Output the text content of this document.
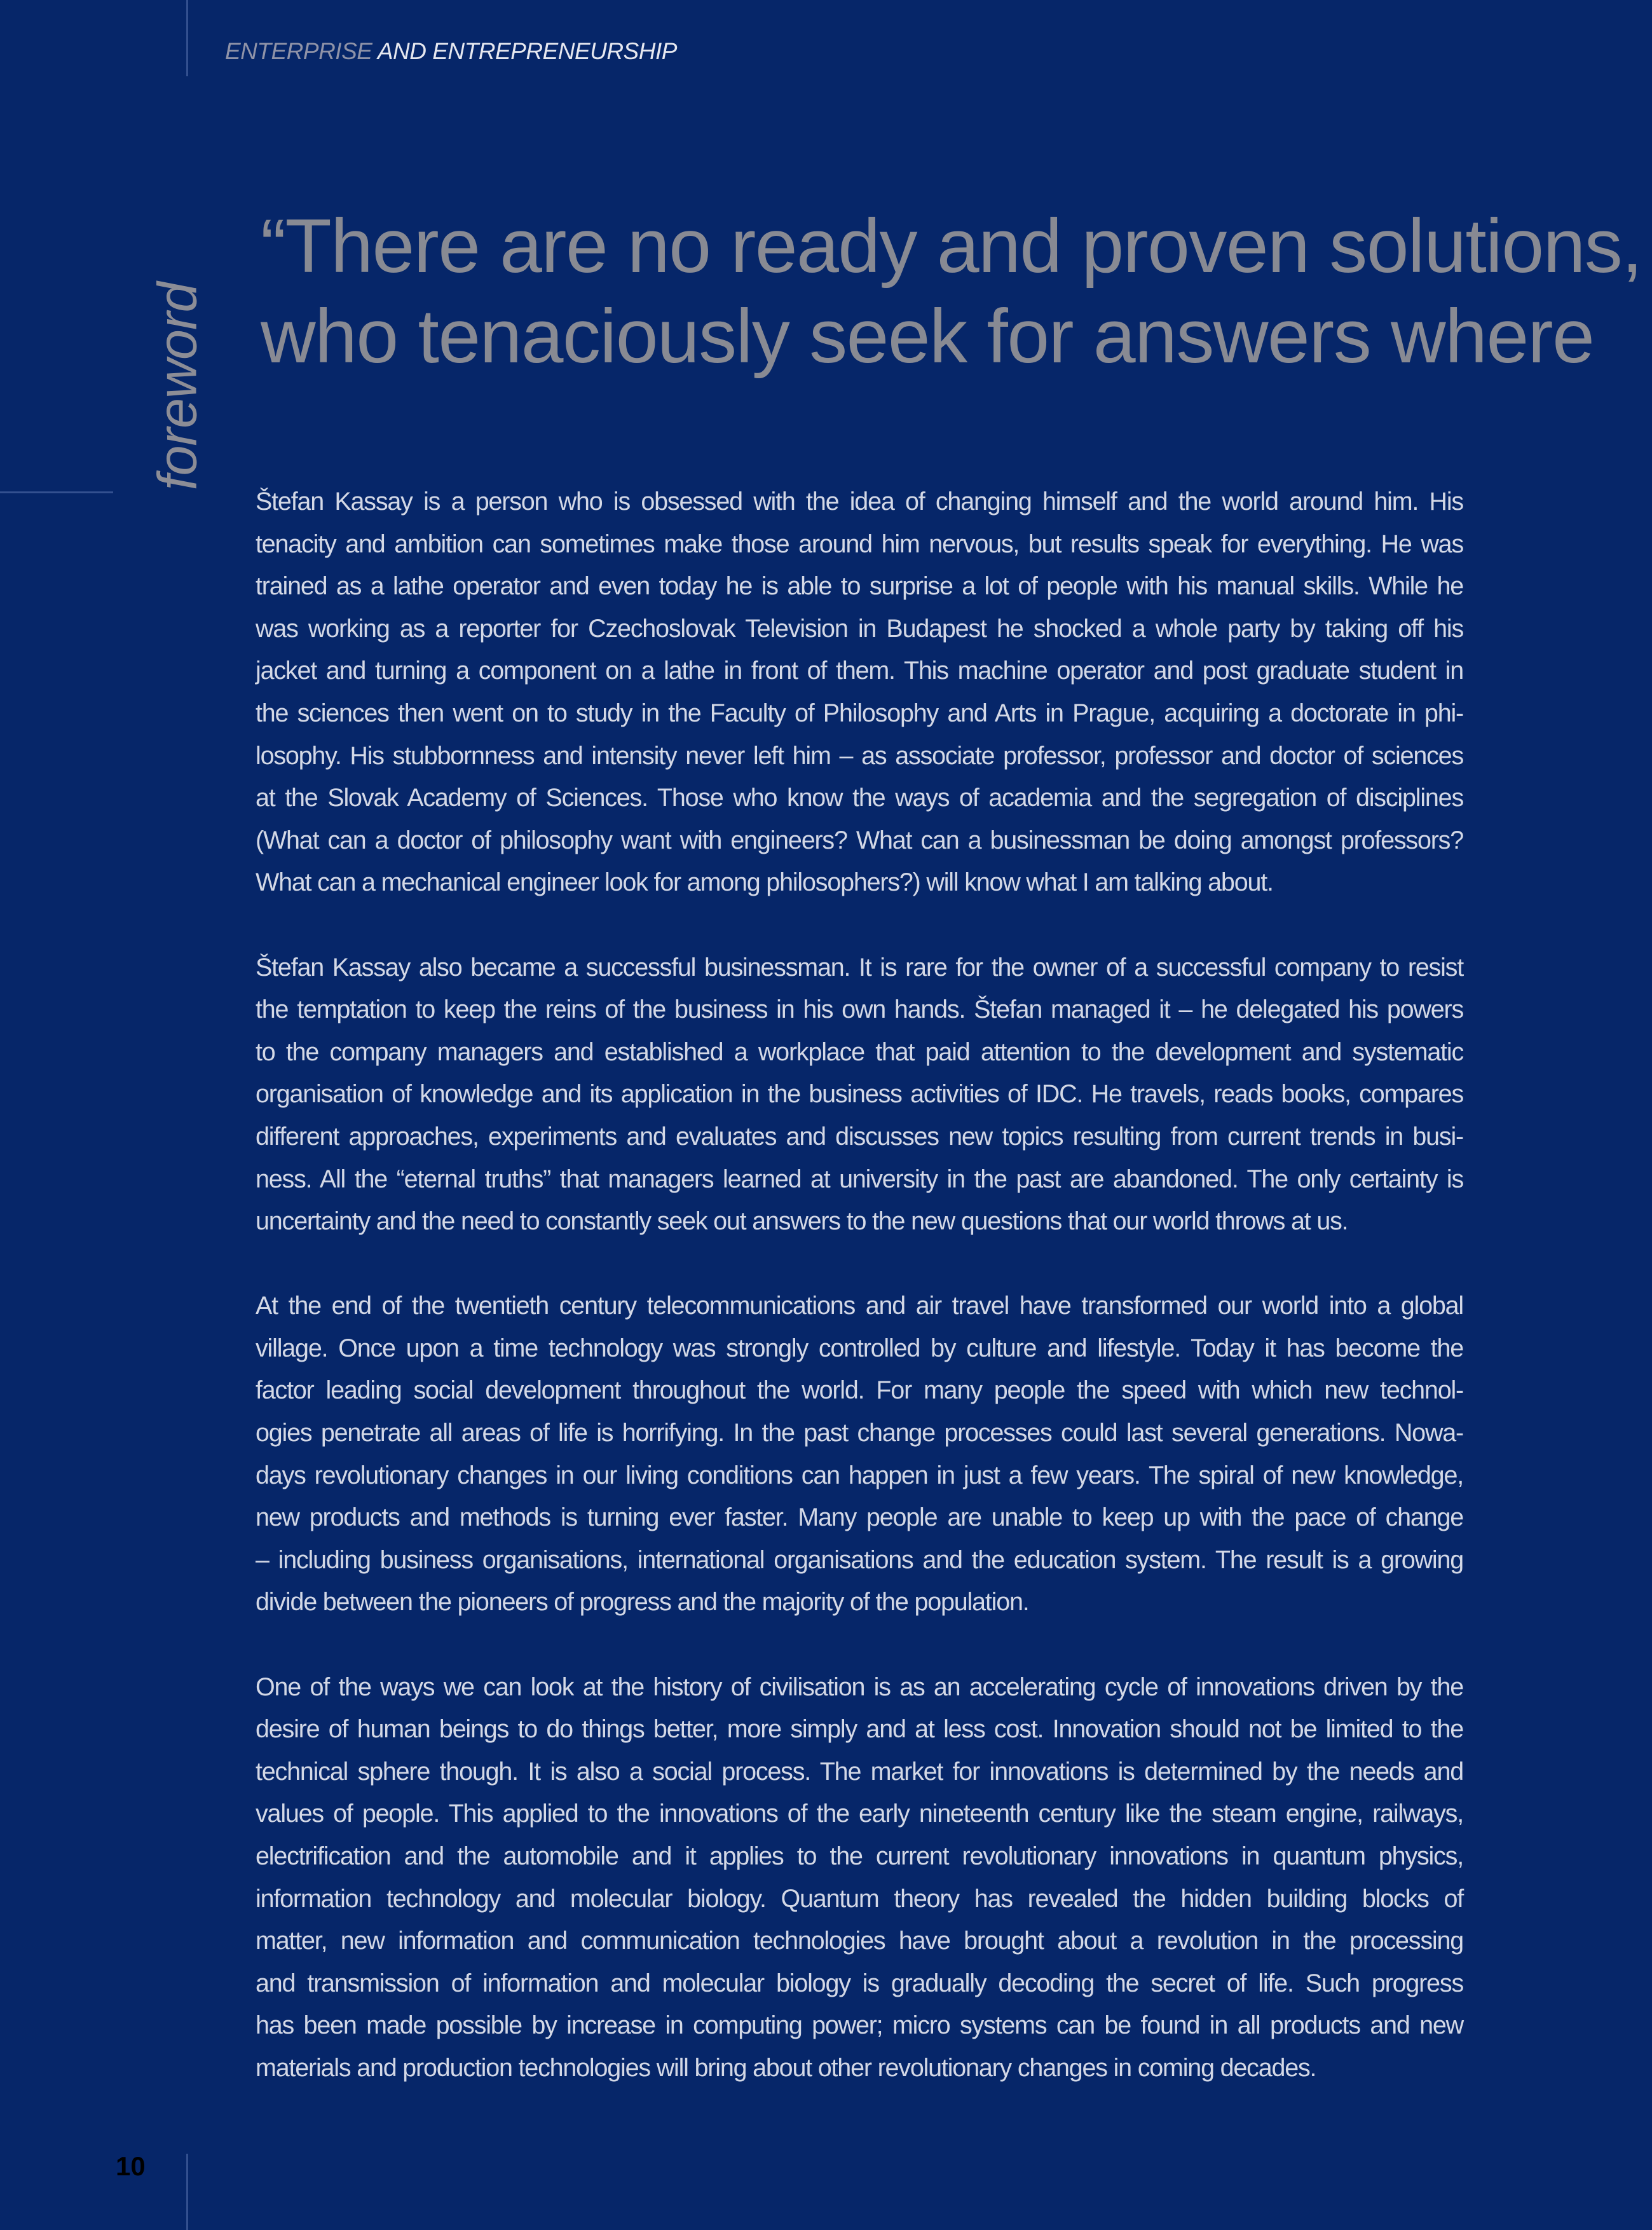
ENTERPRISE AND ENTREPRENEURSHIP
foreword
“There are no ready and proven solutions,
who tenaciously seek for answers where
Štefan Kassay is a person who is obsessed with the idea of changing himself and the world around him. His
tenacity and ambition can sometimes make those around him nervous, but results speak for everything. He was
trained as a lathe operator and even today he is able to surprise a lot of people with his manual skills. While he
was working as a reporter for Czechoslovak Television in Budapest he shocked a whole party by taking off his
jacket and turning a component on a lathe in front of them. This machine operator and post graduate student in
the sciences then went on to study in the Faculty of Philosophy and Arts in Prague, acquiring a doctorate in phi-
losophy. His stubbornness and intensity never left him – as associate professor, professor and doctor of sciences
at the Slovak Academy of Sciences. Those who know the ways of academia and the segregation of disciplines
(What can a doctor of philosophy want with engineers? What can a businessman be doing amongst professors?
What can a mechanical engineer look for among philosophers?) will know what I am talking about.
Štefan Kassay also became a successful businessman. It is rare for the owner of a successful company to resist
the temptation to keep the reins of the business in his own hands. Štefan managed it – he delegated his powers
to the company managers and established a workplace that paid attention to the development and systematic
organisation of knowledge and its application in the business activities of IDC. He travels, reads books, compares
different approaches, experiments and evaluates and discusses new topics resulting from current trends in busi-
ness. All the “eternal truths” that managers learned at university in the past are abandoned. The only certainty is
uncertainty and the need to constantly seek out answers to the new questions that our world throws at us.
At the end of the twentieth century telecommunications and air travel have transformed our world into a global
village. Once upon a time technology was strongly controlled by culture and lifestyle. Today it has become the
factor leading social development throughout the world. For many people the speed with which new technol-
ogies penetrate all areas of life is horrifying. In the past change processes could last several generations. Nowa-
days revolutionary changes in our living conditions can happen in just a few years. The spiral of new knowledge,
new products and methods is turning ever faster. Many people are unable to keep up with the pace of change
– including business organisations, international organisations and the education system. The result is a growing
divide between the pioneers of progress and the majority of the population.
One of the ways we can look at the history of civilisation is as an accelerating cycle of innovations driven by the
desire of human beings to do things better, more simply and at less cost. Innovation should not be limited to the
technical sphere though. It is also a social process. The market for innovations is determined by the needs and
values of people. This applied to the innovations of the early nineteenth century like the steam engine, railways,
electrification and the automobile and it applies to the current revolutionary innovations in quantum physics,
information technology and molecular biology. Quantum theory has revealed the hidden building blocks of
matter, new information and communication technologies have brought about a revolution in the processing
and transmission of information and molecular biology is gradually decoding the secret of life. Such progress
has been made possible by increase in computing power; micro systems can be found in all products and new
materials and production technologies will bring about other revolutionary changes in coming decades.
10
